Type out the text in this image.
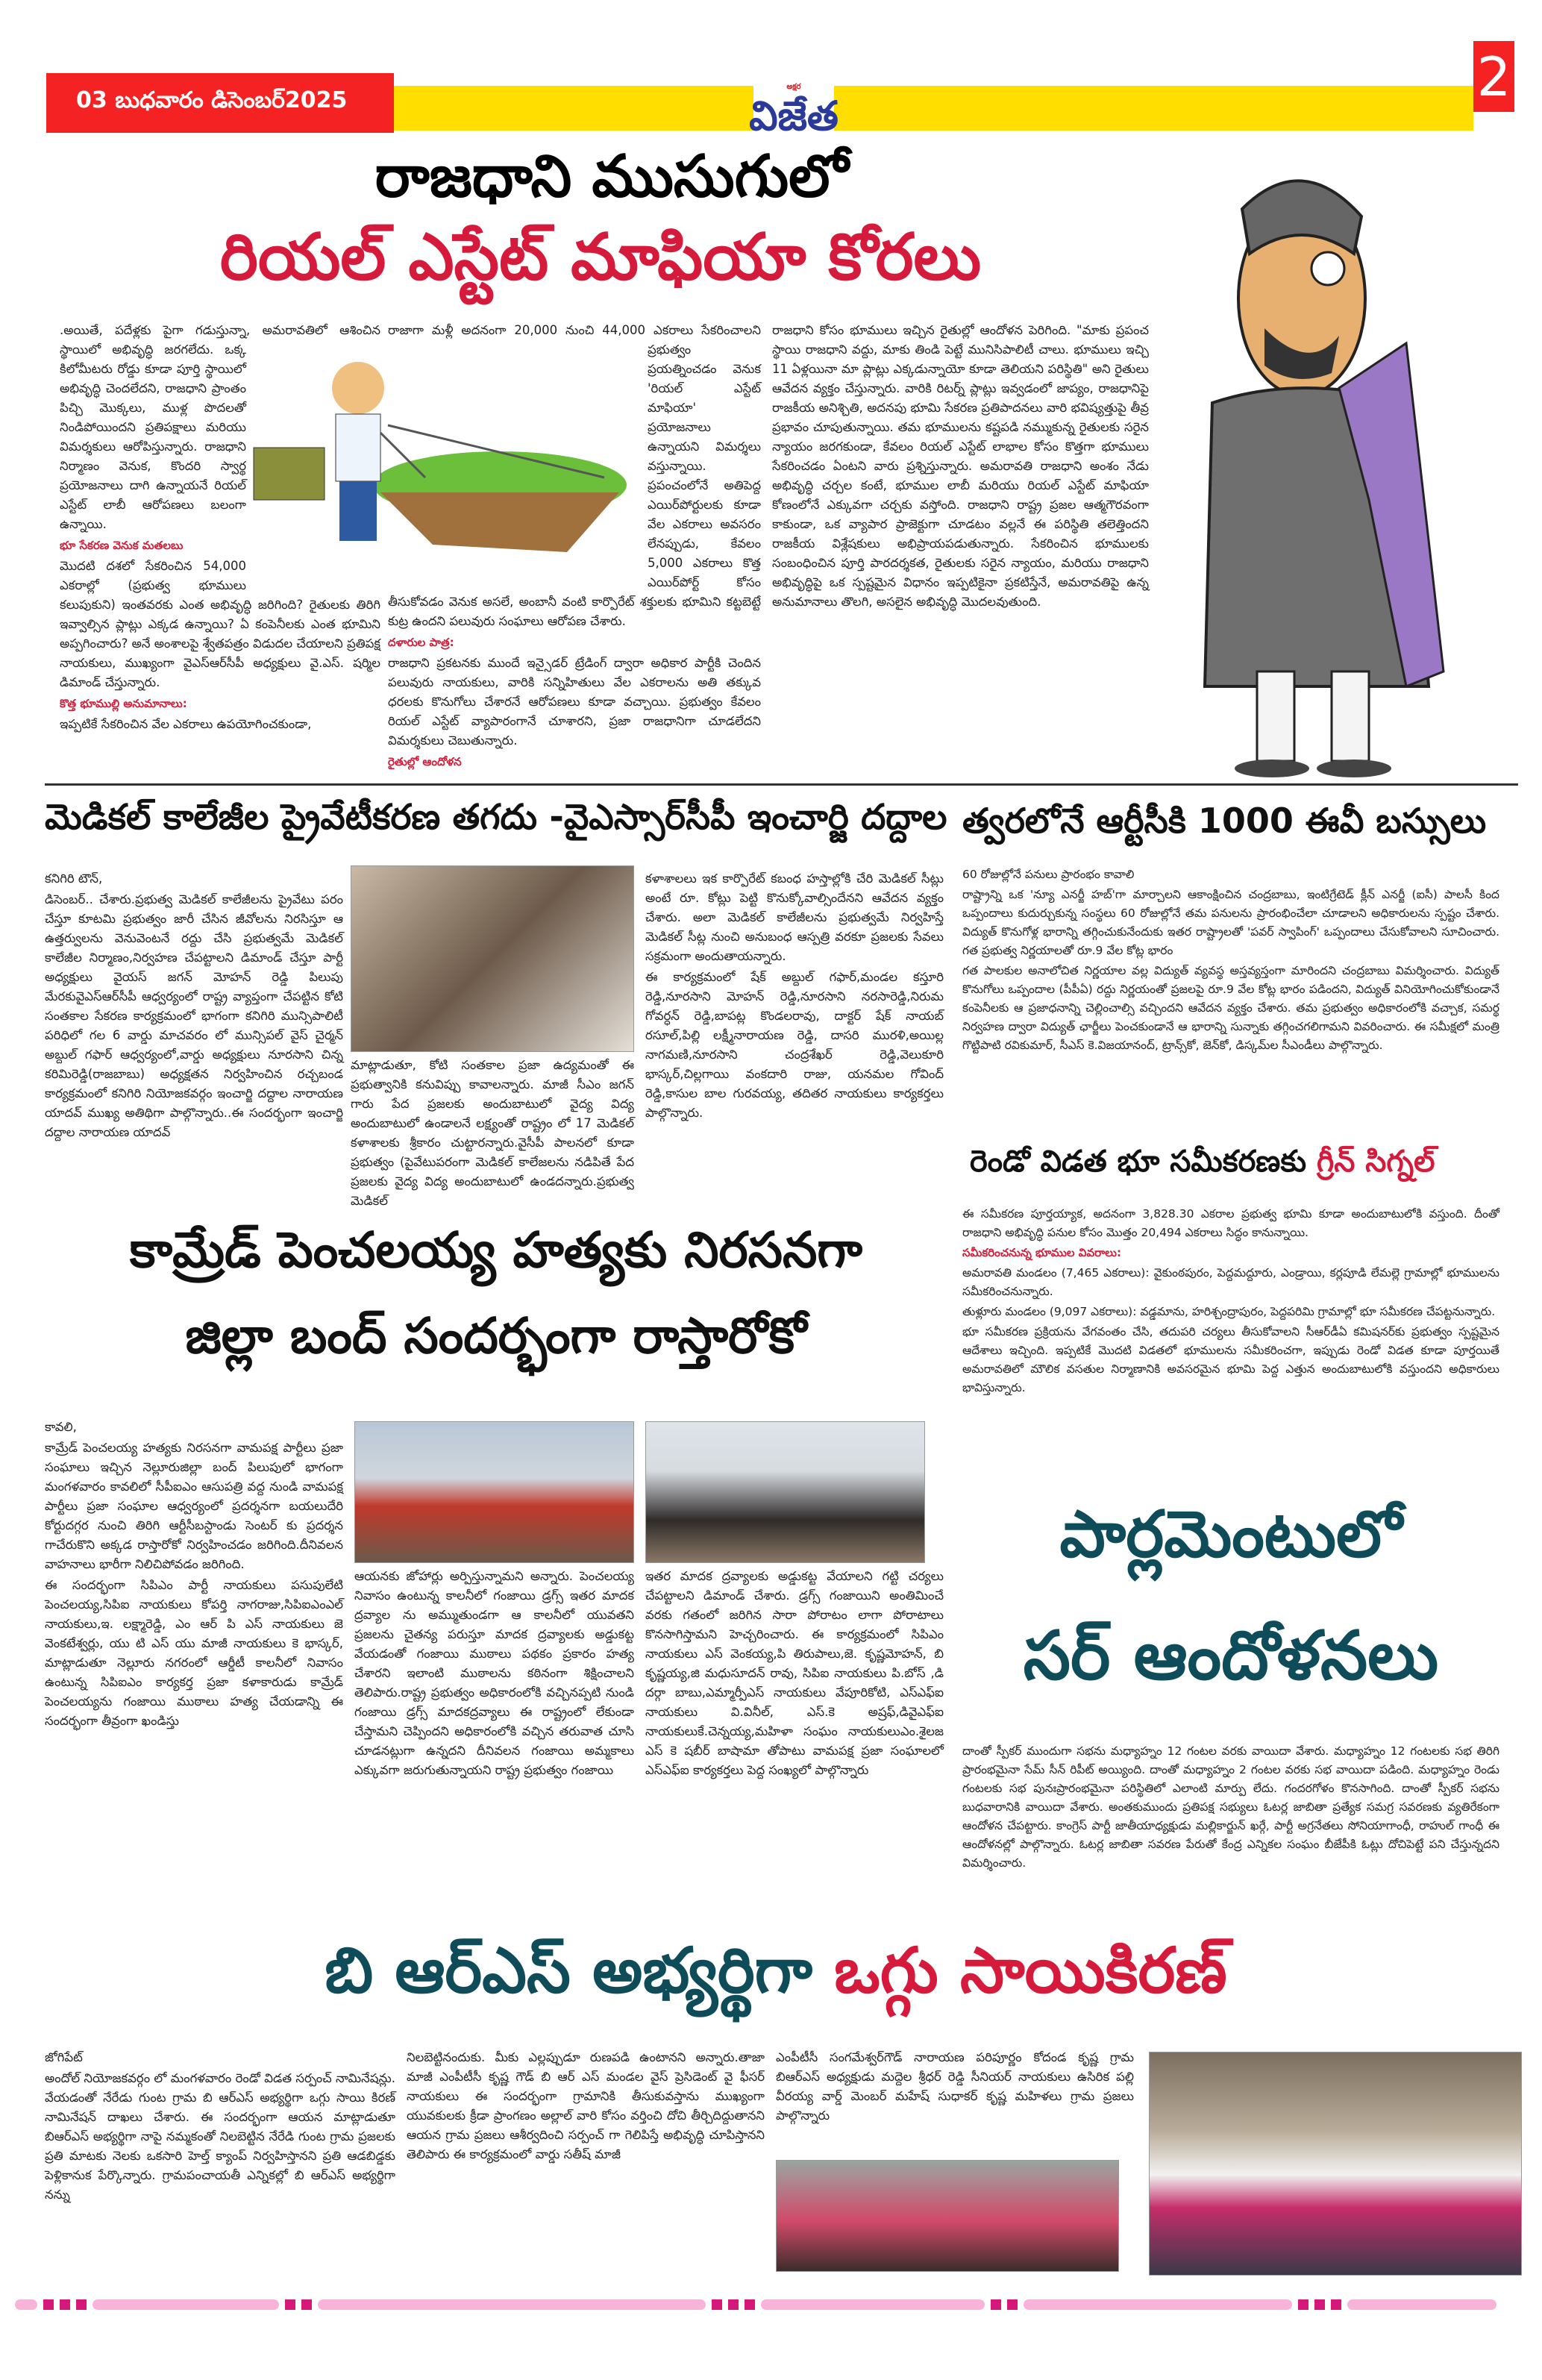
03 బుధవారం డిసెంబర్2025
అక్షర
విజేత
2
రాజధాని ముసుగులో
రియల్ ఎస్టేట్ మాఫియా కోరలు

.అయితే, పదేళ్లకు పైగా గడుస్తున్నా, అమరావతిలో ఆశించిన స్థాయిలో అభివృద్ధి జరగలేదు. ఒక్క కిలోమీటరు రోడ్డు కూడా పూర్తి స్థాయిలో అభివృద్ధి చెందలేదని, రాజధాని ప్రాంతం పిచ్చి మొక్కలు, ముళ్ల పొదలతో నిండిపోయిందని ప్రతిపక్షాలు మరియు విమర్శకులు ఆరోపిస్తున్నారు. రాజధాని నిర్మాణం వెనుక, కొందరి స్వార్థ ప్రయోజనాలు దాగి ఉన్నాయనే రియల్ ఎస్టేట్ లాబీ ఆరోపణలు బలంగా ఉన్నాయి.

భూ సేకరణ వెనుక మతలబు

మొదటి దశలో సేకరించిన 54,000 ఎకరాల్లో (ప్రభుత్వ భూములు కలుపుకుని) ఇంతవరకు ఎంత అభివృద్ధి జరిగింది? రైతులకు తిరిగి ఇవ్వాల్సిన ప్లాట్లు ఎక్కడ ఉన్నాయి? ఏ కంపెనీలకు ఎంత భూమిని అప్పగించారు? అనే అంశాలపై శ్వేతపత్రం విడుదల చేయాలని ప్రతిపక్ష నాయకులు, ముఖ్యంగా వైఎస్ఆర్‌సీపీ అధ్యక్షులు వై.ఎస్. షర్మిల డిమాండ్ చేస్తున్నారు.

కొత్త భూముల్లి అనుమానాలు:

ఇప్పటికే సేకరించిన వేల ఎకరాలు ఉపయోగించకుండా,

రాజాగా మళ్లీ అదనంగా 20,000 నుంచి 44,000 ఎకరాలు సేకరించాలని ప్రభుత్వం ప్రయత్నించడం వెనుక 'రియల్ ఎస్టేట్ మాఫియా' ప్రయోజనాలు ఉన్నాయని విమర్శలు వస్తున్నాయి. ప్రపంచంలోనే అతిపెద్ద ఎయిర్‌పోర్టులకు కూడా వేల ఎకరాలు అవసరం లేనప్పుడు, కేవలం 5,000 ఎకరాలు కొత్త ఎయిర్‌పోర్ట్ కోసం తీసుకోవడం వెనుక అసలే, అంబానీ వంటి కార్పొరేట్ శక్తులకు భూమిని కట్టబెట్టే కుట్ర ఉందని పలువురు సంఘాలు ఆరోపణ చేశారు.

దళారుల పాత్ర:

రాజధాని ప్రకటనకు ముందే ఇన్సైడర్ ట్రేడింగ్ ద్వారా అధికార పార్టీకి చెందిన పలువురు నాయకులు, వారికి సన్నిహితులు వేల ఎకరాలను అతి తక్కువ ధరలకు కొనుగోలు చేశారనే ఆరోపణలు కూడా వచ్చాయి. ప్రభుత్వం కేవలం రియల్ ఎస్టేట్ వ్యాపారంగానే చూశారని, ప్రజా రాజధానిగా చూడలేదని విమర్శకులు చెబుతున్నారు.

రైతుల్లో ఆందోళన

రాజధాని కోసం భూములు ఇచ్చిన రైతుల్లో ఆందోళన పెరిగింది. "మాకు ప్రపంచ స్థాయి రాజధాని వద్దు, మాకు తిండి పెట్టే మునిసిపాలిటీ చాలు. భూములు ఇచ్చి 11 ఏళ్లయినా మా ప్లాట్లు ఎక్కడున్నాయో కూడా తెలియని పరిస్థితి" అని రైతులు ఆవేదన వ్యక్తం చేస్తున్నారు. వారికి రిటర్న్ ప్లాట్లు ఇవ్వడంలో జాప్యం, రాజధానిపై రాజకీయ అనిశ్చితి, అదనపు భూమి సేకరణ ప్రతిపాదనలు వారి భవిష్యత్తుపై తీవ్ర ప్రభావం చూపుతున్నాయి. తమ భూములను కష్టపడి నమ్ముకున్న రైతులకు సరైన న్యాయం జరగకుండా, కేవలం రియల్ ఎస్టేట్ లాభాల కోసం కొత్తగా భూములు సేకరించడం ఏంటని వారు ప్రశ్నిస్తున్నారు. అమరావతి రాజధాని అంశం నేడు అభివృద్ధి చర్చల కంటే, భూముల లాబీ మరియు రియల్ ఎస్టేట్ మాఫియా కోణంలోనే ఎక్కువగా చర్చకు వస్తోంది. రాజధాని రాష్ట్ర ప్రజల ఆత్మగౌరవంగా కాకుండా, ఒక వ్యాపార ప్రాజెక్టుగా చూడటం వల్లనే ఈ పరిస్థితి తలెత్తిందని రాజకీయ విశ్లేషకులు అభిప్రాయపడుతున్నారు. సేకరించిన భూములకు సంబంధించిన పూర్తి పారదర్శకత, రైతులకు సరైన న్యాయం, మరియు రాజధాని అభివృద్ధిపై ఒక స్పష్టమైన విధానం ఇప్పటికైనా ప్రకటిస్తేనే, అమరావతిపై ఉన్న అనుమానాలు తొలగి, అసలైన అభివృద్ధి మొదలవుతుంది.

మెడికల్ కాలేజీల ప్రైవేటీకరణ తగదు -వైఎస్సార్‌సీపీ ఇంచార్జి దద్దాల

కనిగిరి టౌన్,

డిసెంబర్.. చేశారు.ప్రభుత్వ మెడికల్ కాలేజీలను ప్రైవేటు పరం చేస్తూ కూటమి ప్రభుత్వం జారీ చేసిన జీవోలను నిరసిస్తూ ఆ ఉత్తర్వులను వెనువెంటనే రద్దు చేసి ప్రభుత్వమే మెడికల్ కాలేజీల నిర్మాణం,నిర్వహణ చేపట్టాలని డిమాండ్ చేస్తూ పార్టీ అధ్యక్షులు వైయస్ జగన్ మోహన్ రెడ్డి పిలుపు మేరకువైఎస్ఆర్‌సీపీ ఆధ్వర్యంలో రాష్ట్ర వ్యాప్తంగా చేపట్టిన కోటి సంతకాల సేకరణ కార్యక్రమంలో భాగంగా కనిగిరి మున్సిపాలిటీ పరిధిలో గల 6 వార్డు మాచవరం లో మున్సిపల్ వైస్ చైర్మన్ అబ్దుల్ గఫార్ ఆధ్వర్యంలో,వార్డు అధ్యక్షులు నూరసాని చిన్న కరిమిరెడ్డి(రాజబాబు) అధ్యక్షతన నిర్వహించిన రచ్చబండ కార్యక్రమంలో కనిగిరి నియోజకవర్గం ఇంచార్జి దద్దాల నారాయణ యాదవ్ ముఖ్య అతిథిగా పాల్గొన్నారు..ఈ సందర్భంగా ఇంచార్జి దద్దాల నారాయణ యాదవ్

మాట్లాడుతూ, కోటి సంతకాల ప్రజా ఉద్యమంతో ఈ ప్రభుత్వానికి కనువిప్పు కావాలన్నారు. మాజీ సీఎం జగన్ గారు పేద ప్రజలకు అందుబాటులో వైద్య విద్య అందుబాటులో ఉండాలనే లక్ష్యంతో రాష్ట్రం లో 17 మెడికల్ కళాశాలకు శ్రీకారం చుట్టారన్నారు.వైసీపీ పాలనలో కూడా ప్రభుత్వం (పైవేటుపరంగా మెడికల్ కాలేజలను నడిపితే పేద ప్రజలకు వైద్య విద్య అందుబాటులో ఉండదన్నారు.ప్రభుత్వ మెడికల్

కళాశాలలు ఇక కార్పొరేట్ కబంధ హస్తాల్లోకి చేరి మెడికల్ సీట్లు అంటే రూ. కోట్లు పెట్టి కొనుక్కోవాల్సిందేనని ఆవేదన వ్యక్తం చేశారు. అలా మెడికల్ కాలేజీలను ప్రభుత్వమే నిర్వహిస్తే మెడికల్ సీట్ల నుంచి అనుబంధ ఆస్పత్రి వరకూ ప్రజలకు సేవలు సక్రమంగా అందుతాయన్నారు.

ఈ కార్యక్రమంలో షేక్ అబ్దుల్ గఫార్,మండల కస్తూరి రెడ్డి,నూరసాని మోహన్ రెడ్డి,నూరసాని నరసారెడ్డి,నిరుమ గోవర్ధన్ రెడ్డి,బాపట్ల కొండలరావు, దాక్టర్ షేక్ నాయబ్ రసూల్,పిల్లి లక్ష్మీనారాయణ రెడ్డి, దాసరి మురళి,అయిల్ల నాగమణి,నూరసాని చంద్రశేఖర్ రెడ్డి,వెలుకూరి భాస్కర్,చిల్లగాయి వంకదారి రాజు, యనమల గోవింద్ రెడ్డి,కాసుల బాల గురవయ్య, తదితర నాయకులు కార్యకర్తలు పాల్గొన్నారు.

త్వరలోనే ఆర్టీసీకి 1000 ఈవీ బస్సులు

60 రోజుల్లోనే పనులు ప్రారంభం కావాలి

రాష్ట్రాన్ని ఒక 'న్యూ ఎనర్జీ హబ్'గా మార్చాలని ఆకాంక్షించిన చంద్రబాబు, ఇంటిగ్రేటెడ్ క్లీన్ ఎనర్జీ (ఐసీ) పాలసీ కింద ఒప్పందాలు కుదుర్చుకున్న సంస్థలు 60 రోజుల్లోనే తమ పనులను ప్రారంభించేలా చూడాలని అధికారులను స్పష్టం చేశారు. విద్యుత్ కొనుగోళ్ల భారాన్ని తగ్గించుకునేందుకు ఇతర రాష్ట్రాలతో 'పవర్ స్వాపింగ్' ఒప్పందాలు చేసుకోవాలని సూచించారు. గత ప్రభుత్వ నిర్ణయాలతో రూ.9 వేల కోట్ల భారం

గత పాలకుల అనాలోచిత నిర్ణయాల వల్ల విద్యుత్ వ్యవస్థ అస్తవ్యస్తంగా మారిందని చంద్రబాబు విమర్శించారు. విద్యుత్ కొనుగోలు ఒప్పందాల (పీపీఏ) రద్దు నిర్ణయంతో ప్రజలపై రూ.9 వేల కోట్ల భారం పడిందని, విద్యుత్ వినియోగించుకోకుండానే కంపెనీలకు ఆ ప్రజాధనాన్ని చెల్లించాల్సి వచ్చిందని ఆవేదన వ్యక్తం చేశారు. తమ ప్రభుత్వం అధికారంలోకి వచ్చాక, సమర్థ నిర్వహణ ద్వారా విద్యుత్ ఛార్జీలు పెంచకుండానే ఆ భారాన్ని సున్నాకు తగ్గించగలిగామని వివరించారు. ఈ సమీక్షలో మంత్రి గొట్టిపాటి రవికుమార్, సీఎస్ కె.విజయానంద్, ట్రాన్స్‌కో, జెన్‌కో, డిస్కమ్‌ల సీఎండీలు పాల్గొన్నారు.

రెండో విడత భూ సమీకరణకు గ్రీన్ సిగ్నల్

ఈ సమీకరణ పూర్తయ్యాక, అదనంగా 3,828.30 ఎకరాల ప్రభుత్వ భూమి కూడా అందుబాటులోకి వస్తుంది. దీంతో రాజధాని అభివృద్ధి పనుల కోసం మొత్తం 20,494 ఎకరాలు సిద్ధం కానున్నాయి.

సమీకరించనున్న భూముల వివరాలు:

అమరావతి మండలం (7,465 ఎకరాలు): వైకుంఠపురం, పెద్దమద్దూరు, ఎండ్రాయి, కర్లపూడి లేమల్లె గ్రామాల్లో భూములను సమీకరించనున్నారు.

తుళ్లూరు మండలం (9,097 ఎకరాలు): వడ్డమాను, హరిశ్చంద్రాపురం, పెద్దపరిమి గ్రామాల్లో భూ సమీకరణ చేపట్టనున్నారు.

భూ సమీకరణ ప్రక్రియను వేగవంతం చేసి, తదుపరి చర్యలు తీసుకోవాలని సీఆర్‌డీఏ కమిషనర్‌కు ప్రభుత్వం స్పష్టమైన ఆదేశాలు ఇచ్చింది. ఇప్పటికే మొదటి విడతలో భూములను సమీకరించగా, ఇప్పుడు రెండో విడత కూడా పూర్తయితే అమరావతిలో మౌలిక వసతుల నిర్మాణానికి అవసరమైన భూమి పెద్ద ఎత్తున అందుబాటులోకి వస్తుందని అధికారులు భావిస్తున్నారు.

కామ్రేడ్ పెంచలయ్య హత్యకు నిరసనగా
జిల్లా బంద్ సందర్భంగా రాస్తారోకో

కావలి,

కామ్రేడ్ పెంచలయ్య హత్యకు నిరసనగా వామపక్ష పార్టీలు ప్రజా సంఘాలు ఇచ్చిన నెల్లూరుజిల్లా బంద్ పిలుపులో భాగంగా మంగళవారం కావలిలో సీపీఐఎం ఆసుపత్రి వద్ద నుండి వామపక్ష పార్టీలు ప్రజా సంఘాల ఆధ్వర్యంలో ప్రదర్శనగా బయలుదేరి కోర్టుదగ్గర నుంచి తిరిగి ఆర్టీసీబస్టాండు సెంటర్ కు ప్రదర్శన గాచేరుకొని అక్కడ రాస్తారోకో నిర్వహించడం జరిగింది.దీనివలన వాహనాలు భారీగా నిలిచిపోవడం జరిగింది.

ఈ సందర్భంగా సిపిఎం పార్టీ నాయకులు పసుపులేటి పెంచలయ్య,సిపిఐ నాయకులు కోపర్తి నాగరాజు,సిపిఐఎంఎల్ నాయకులు,ఇ. లక్ష్మారెడ్డి, ఎం ఆర్ పి ఎస్ నాయకులు జె వెంకటేశ్వర్లు, యు టి ఎస్ యు మాజీ నాయకులు కె భాస్కర్, మాట్లాడుతూ నెల్లూరు నగరంలో ఆర్డీటీ కాలనీలో నివాసం ఉంటున్న సిపిఐఎం కార్యకర్త ప్రజా కళాకారుడు కామ్రేడ్ పెంచలయ్యను గంజాయి ముఠాలు హత్య చేయడాన్ని ఈ సందర్భంగా తీవ్రంగా ఖండిస్తు

ఆయనకు జోహార్లు అర్పిస్తున్నామని అన్నారు. పెంచలయ్య నివాసం ఉంటున్న కాలనీలో గంజాయి డ్రగ్స్ ఇతర మాదక ద్రవ్యాల ను అమ్ముతుండగా ఆ కాలనీలో యువతని ప్రజలను చైతన్య పరుస్తూ మాదక ద్రవ్యాలకు అడ్డుకట్ట వేయడంతో గంజాయి ముఠాలు పథకం ప్రకారం హత్య చేశారని ఇలాంటి ముఠాలను కఠినంగా శిక్షించాలని తెలిపారు.రాష్ట్ర ప్రభుత్వం అధికారంలోకి వచ్చినప్పటి నుండి గంజాయి డ్రగ్స్ మాదకద్రవ్యాలు ఈ రాష్ట్రంలో లేకుండా చేస్తామని చెప్పిందని అధికారంలోకి వచ్చిన తరువాత చూసి చూడనట్లుగా ఉన్నదని దీనివలన గంజాయి అమ్మకాలు ఎక్కువగా జరుగుతున్నాయని రాష్ట్ర ప్రభుత్వం గంజాయి

ఇతర మాదక ద్రవ్యాలకు అడ్డుకట్ట వేయాలని గట్టి చర్యలు చేపట్టాలని డిమాండ్ చేశారు. డ్రగ్స్ గంజాయిని అంతిమించే వరకు గతంలో జరిగిన సారా పోరాటం లాగా పోరాటాలు కొనసాగిస్తామని హెచ్చరించారు. ఈ కార్యక్రమంలో సిపిఎం నాయకులు ఎస్ వెంకయ్య,పి తిరుపాలు,జె. కృష్ణమోహన్, బి కృష్ణయ్య,జి మధుసూదన్ రావు, సిపిఐ నాయకులు పి.బోస్ ,డి దర్గా బాబు,ఎమ్మార్పీఎస్ నాయకులు వేపూరికోటి, ఎస్ఎఫ్ఐ నాయకులు వి.వినీల్, ఎస్.కె అష్రఫ్,డివైఎఫ్ఐ నాయకులుకే.చెన్నయ్య,మహిళా సంఘం నాయకులుఎం.శైలజ ఎస్ కె షబీర్ బాషామా తోపాటు వామపక్ష ప్రజా సంఘాలలో ఎస్ఎఫ్ఐ కార్యకర్తలు పెద్ద సంఖ్యలో పాల్గొన్నారు

పార్లమెంటులో
సర్ ఆందోళనలు

దాంతో స్పీకర్ ముందుగా సభను మధ్యాహ్నం 12 గంటల వరకు వాయిదా వేశారు. మధ్యాహ్నం 12 గంటలకు సభ తిరిగి ప్రారంభమైనా సేమ్ సీన్ రిపీట్ అయ్యింది. దాంతో మధ్యాహ్నం 2 గంటల వరకు సభ వాయిదా పడింది. మధ్యాహ్నం రెండు గంటలకు సభ పునఃప్రారంభమైనా పరిస్థితిలో ఎలాంటి మార్పు లేదు. గందరగోళం కొనసాగింది. దాంతో స్పీకర్ సభను బుధవారానికి వాయిదా వేశారు. అంతకుముందు ప్రతిపక్ష సభ్యులు ఓటర్ల జాబితా ప్రత్యేక సమగ్ర సవరణకు వ్యతిరేకంగా ఆందోళన చేపట్టారు. కాంగ్రెస్ పార్టీ జాతీయాధ్యక్షుడు మల్లికార్జున్ ఖర్గే, పార్టీ అగ్రనేతలు సోనియాగాంధీ, రాహుల్ గాంధీ ఈ ఆందోళనల్లో పాల్గొన్నారు. ఓటర్ల జాబితా సవరణ పేరుతో కేంద్ర ఎన్నికల సంఘం బీజేపీకి ఓట్లు దోచిపెట్టే పని చేస్తున్నదని విమర్శించారు.

బి ఆర్ఎస్ అభ్యర్థిగా ఒగ్గు సాయికిరణ్

జోగిపేట్

అందోల్ నియోజకవర్గం లో మంగళవారం రెండో విడత సర్పంచ్ నామినేషన్లు. వేయడంతో నేరేడు గుంట గ్రామ బి ఆర్ఎస్ అభ్యర్థిగా ఒగ్గు సాయి కిరణ్ నామినేషన్ దాఖలు చేశారు. ఈ సందర్భంగా ఆయన మాట్లాడుతూ బిఆర్ఎస్ అభ్యర్థిగా నాపై నమ్మకంతో నిలబెట్టిన నేరేడి గుంట గ్రామ ప్రజలకు ప్రతి మాటకు నెలకు ఒకసారి హెల్త్ క్యాంప్ నిర్వహిస్తానని ప్రతి ఆడబిడ్డకు పెళ్లికానుక పేర్కొన్నారు. గ్రామపంచాయతీ ఎన్నికల్లో బి ఆర్ఎస్ అభ్యర్థిగా నన్ను

నిలబెట్టినందుకు. మీకు ఎల్లప్పుడూ రుణపడి ఉంటానని అన్నారు.తాజా మాజీ ఎంపీటీసీ కృష్ణ గౌడ్ బి ఆర్ ఎస్ మండల వైస్ ప్రెసిడెంట్ వై ఫీసర్ నాయకులు ఈ సందర్భంగా గ్రామానికి తీసుకువస్తాను ముఖ్యంగా యువకులకు క్రీడా ప్రాంగణం అల్లాల్ వారి కోసం వర్తించి దోచి తీర్చిదిద్దుతానని ఆయన గ్రామ ప్రజలు ఆశీర్వదించి సర్పంచ్ గా గెలిపిస్తే అభివృద్ధి చూపిస్తానని తెలిపారు ఈ కార్యక్రమంలో వార్డు సతీష్ మాజీ

ఎంపీటీసీ సంగమేశ్వర్‌గౌడ్ నారాయణ పరిపూర్ణం కోదండ కృష్ణ గ్రామ బిఆర్ఎస్ అధ్యక్షుడు మద్దెల శ్రీధర్ రెడ్డి సీనియర్ నాయకులు ఉసిరిక పల్లి వీరయ్య వార్డ్ మెంబర్ మహేష్ సుధాకర్ కృష్ణ మహిళలు గ్రామ ప్రజలు పాల్గొన్నారు
